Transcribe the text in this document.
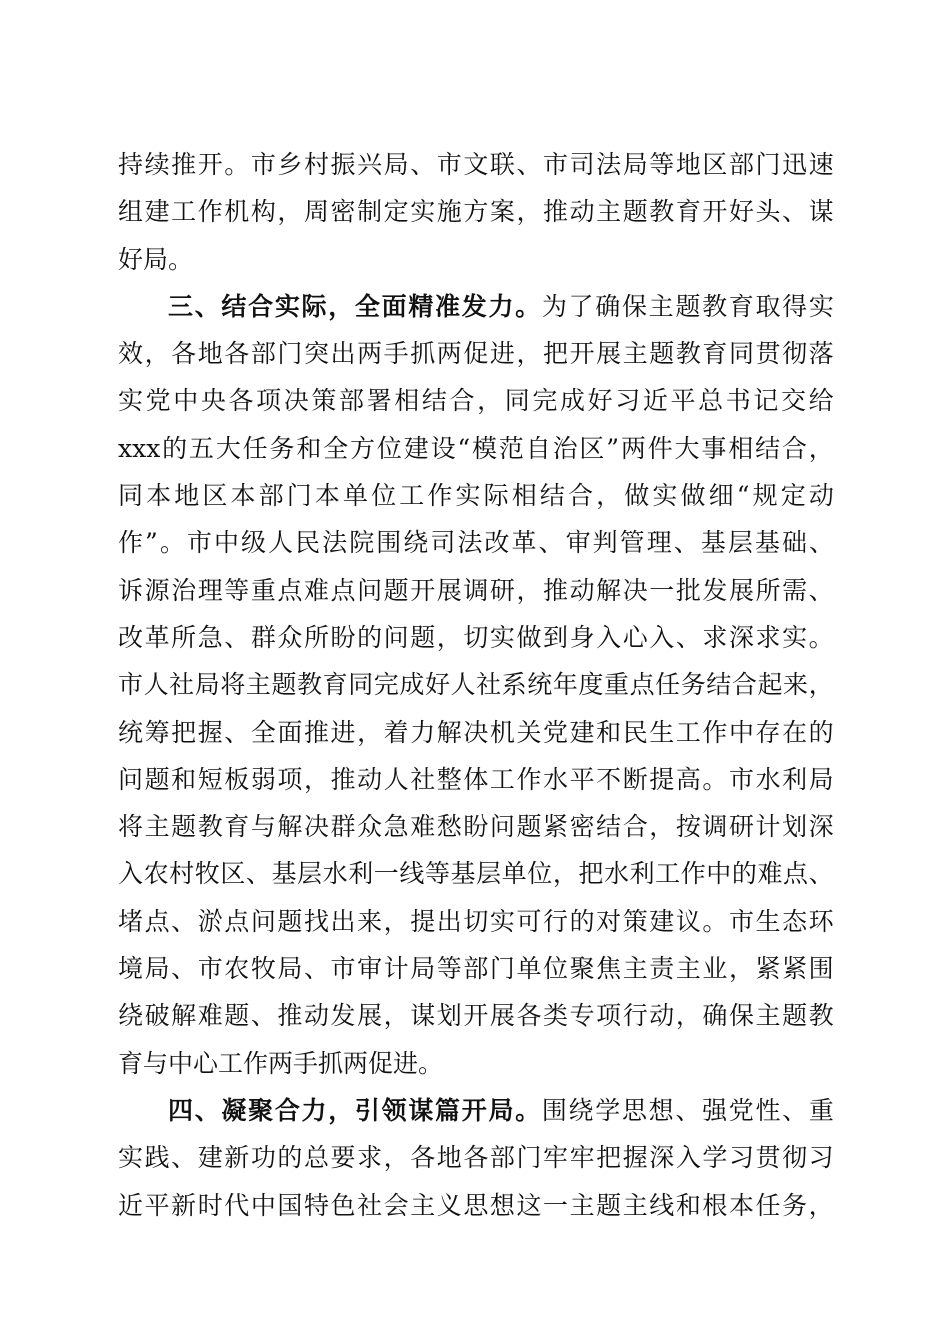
持 续 推 开 。 市 乡 村 振 兴 局 、 市 文 联 、 市 司 法 局 等 地 区 部 门 迅 速
组 建 工 作 机 构 ， 周 密 制 定 实 施 方 案 ， 推 动 主 题 教 育 开 好 头 、 谋
好局。
三 、 结 合 实 际 ， 全 面 精 准 发 力 。 为 了 确 保 主 题 教 育 取 得 实
效 ， 各 地 各 部 门 突 出 两 手 抓 两 促 进 ， 把 开 展 主 题 教 育 同 贯 彻 落
实 党 中 央 各 项 决 策 部 署 相 结 合 ， 同 完 成 好 习 近 平 总 书 记 交 给
xxx 的 五 大 任 务 和 全 方 位 建 设 “ 模 范 自 治 区 ” 两 件 大 事 相 结 合 ，
同 本 地 区 本 部 门 本 单 位 工 作 实 际 相 结 合 ， 做 实 做 细 “ 规 定 动
作 ” 。 市 中 级 人 民 法 院 围 绕 司 法 改 革 、 审 判 管 理 、 基 层 基 础 、
诉 源 治 理 等 重 点 难 点 问 题 开 展 调 研 ， 推 动 解 决 一 批 发 展 所 需 、
改 革 所 急 、 群 众 所 盼 的 问 题 ， 切 实 做 到 身 入 心 入 、 求 深 求 实 。
市 人 社 局 将 主 题 教 育 同 完 成 好 人 社 系 统 年 度 重 点 任 务 结 合 起 来 ，
统 筹 把 握 、 全 面 推 进 ， 着 力 解 决 机 关 党 建 和 民 生 工 作 中 存 在 的
问 题 和 短 板 弱 项 ， 推 动 人 社 整 体 工 作 水 平 不 断 提 高 。 市 水 利 局
将 主 题 教 育 与 解 决 群 众 急 难 愁 盼 问 题 紧 密 结 合 ， 按 调 研 计 划 深
入 农 村 牧 区 、 基 层 水 利 一 线 等 基 层 单 位 ， 把 水 利 工 作 中 的 难 点 、
堵 点 、 淤 点 问 题 找 出 来 ， 提 出 切 实 可 行 的 对 策 建 议 。 市 生 态 环
境 局 、 市 农 牧 局 、 市 审 计 局 等 部 门 单 位 聚 焦 主 责 主 业 ， 紧 紧 围
绕 破 解 难 题 、 推 动 发 展 ， 谋 划 开 展 各 类 专 项 行 动 ， 确 保 主 题 教
育与中心工作两手抓两促进。
四 、 凝 聚 合 力 ， 引 领 谋 篇 开 局 。 围 绕 学 思 想 、 强 党 性 、 重
实 践 、 建 新 功 的 总 要 求 ， 各 地 各 部 门 牢 牢 把 握 深 入 学 习 贯 彻 习
近 平 新 时 代 中 国 特 色 社 会 主 义 思 想 这 一 主 题 主 线 和 根 本 任 务 ，
